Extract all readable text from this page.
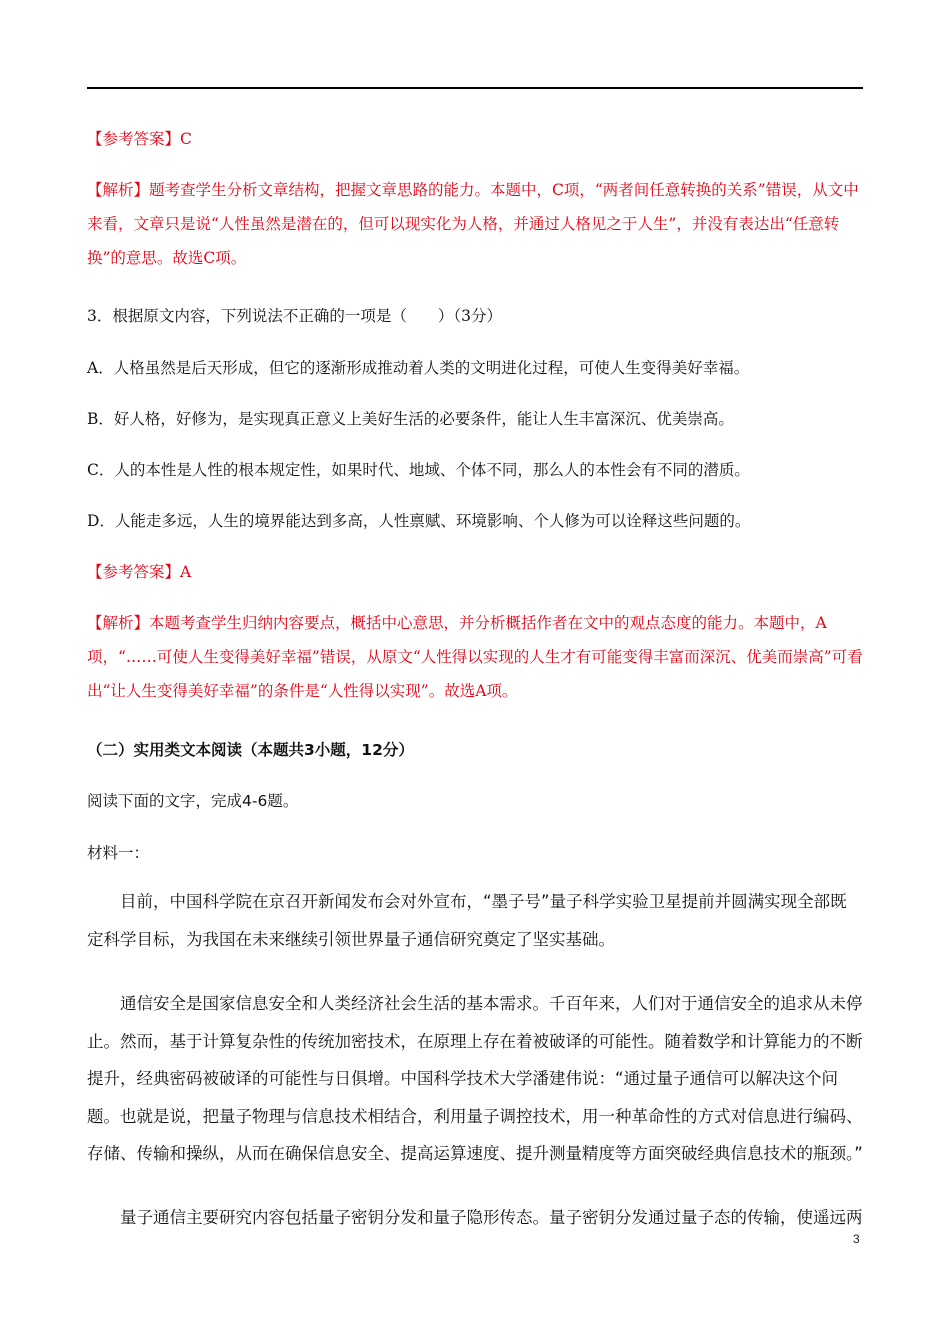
【参考答案】C
【解析】题考查学生分析文章结构，把握文章思路的能力。本题中，C项，“两者间任意转换的关系”错误，从文中来看，文章只是说“人性虽然是潜在的，但可以现实化为人格，并通过人格见之于人生”，并没有表达出“任意转换”的意思。故选C项。
3．根据原文内容，下列说法不正确的一项是（　　）（3分）
A．人格虽然是后天形成，但它的逐渐形成推动着人类的文明进化过程，可使人生变得美好幸福。
B．好人格，好修为，是实现真正意义上美好生活的必要条件，能让人生丰富深沉、优美崇高。
C．人的本性是人性的根本规定性，如果时代、地域、个体不同，那么人的本性会有不同的潜质。
D．人能走多远，人生的境界能达到多高，人性禀赋、环境影响、个人修为可以诠释这些问题的。
【参考答案】A
【解析】本题考查学生归纳内容要点，概括中心意思，并分析概括作者在文中的观点态度的能力。本题中，A项，“……可使人生变得美好幸福”错误，从原文“人性得以实现的人生才有可能变得丰富而深沉、优美而崇高”可看出“让人生变得美好幸福”的条件是“人性得以实现”。故选A项。
（二）实用类文本阅读（本题共3小题，12分）
阅读下面的文字，完成4-6题。
材料一：
目前，中国科学院在京召开新闻发布会对外宣布，“墨子号”量子科学实验卫星提前并圆满实现全部既定科学目标，为我国在未来继续引领世界量子通信研究奠定了坚实基础。
通信安全是国家信息安全和人类经济社会生活的基本需求。千百年来，人们对于通信安全的追求从未停止。然而，基于计算复杂性的传统加密技术，在原理上存在着被破译的可能性。随着数学和计算能力的不断提升，经典密码被破译的可能性与日俱增。中国科学技术大学潘建伟说：“通过量子通信可以解决这个问题。也就是说，把量子物理与信息技术相结合，利用量子调控技术，用一种革命性的方式对信息进行编码、存储、传输和操纵，从而在确保信息安全、提高运算速度、提升测量精度等方面突破经典信息技术的瓶颈。”
量子通信主要研究内容包括量子密钥分发和量子隐形传态。量子密钥分发通过量子态的传输，使遥远两
3
